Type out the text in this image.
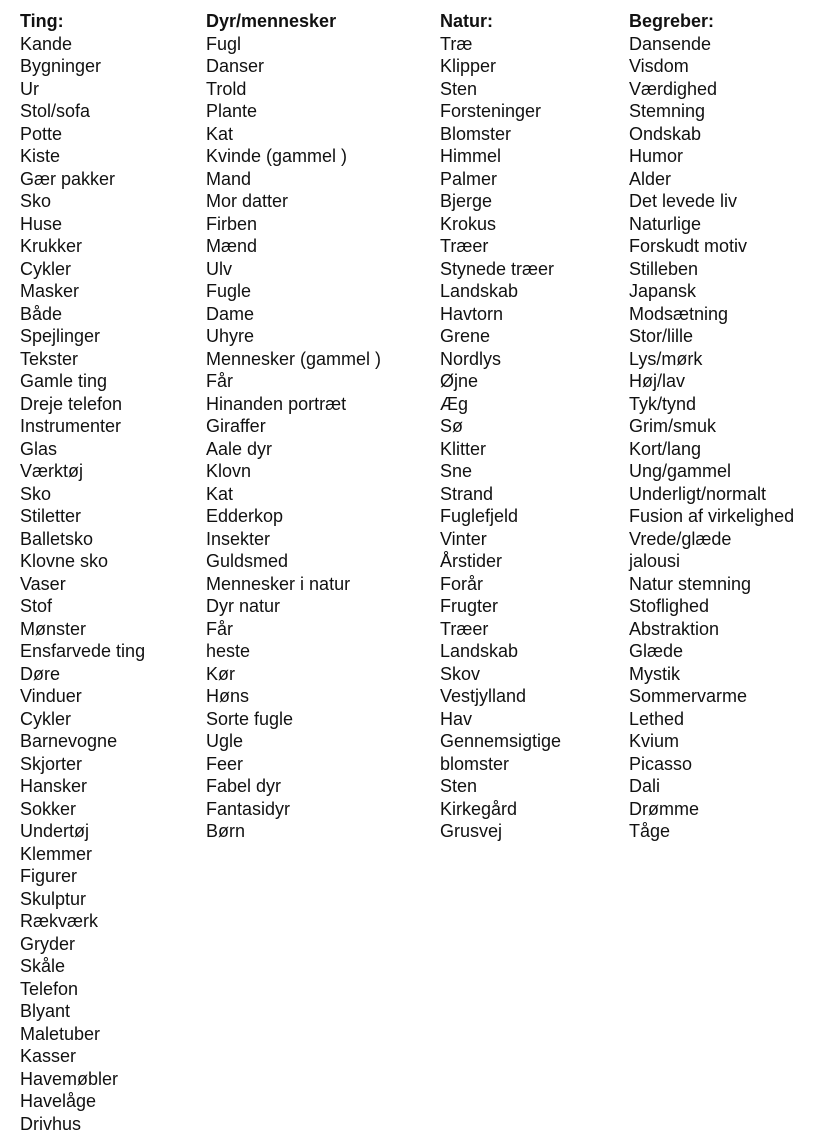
Ting:
Kande
Bygninger
Ur
Stol/sofa
Potte
Kiste
Gær pakker
Sko
Huse
Krukker
Cykler
Masker
Både
Spejlinger
Tekster
Gamle ting
Dreje telefon
Instrumenter
Glas
Værktøj
Sko
Stiletter
Balletsko
Klovne sko
Vaser
Stof
Mønster
Ensfarvede ting
Døre
Vinduer
Cykler
Barnevogne
Skjorter
Hansker
Sokker
Undertøj
Klemmer
Figurer
Skulptur
Rækværk
Gryder
Skåle
Telefon
Blyant
Maletuber
Kasser
Havemøbler
Havelåge
Drivhus
Dyr/mennesker
Fugl
Danser
Trold
Plante
Kat
Kvinde (gammel )
Mand
Mor datter
Firben
Mænd
Ulv
Fugle
Dame
Uhyre
Mennesker (gammel )
Får
Hinanden portræt
Giraffer
Aale dyr
Klovn
Kat
Edderkop
Insekter
Guldsmed
Mennesker i natur
Dyr natur
Får
heste
Kør
Høns
Sorte fugle
Ugle
Feer
Fabel dyr
Fantasidyr
Børn
Natur:
Træ
Klipper
Sten
Forsteninger
Blomster
Himmel
Palmer
Bjerge
Krokus
Træer
Stynede træer
Landskab
Havtorn
Grene
Nordlys
Øjne
Æg
Sø
Klitter
Sne
Strand
Fuglefjeld
Vinter
Årstider
Forår
Frugter
Træer
Landskab
Skov
Vestjylland
Hav
Gennemsigtige
blomster
Sten
Kirkegård
Grusvej
Begreber:
Dansende
Visdom
Værdighed
Stemning
Ondskab
Humor
Alder
Det levede liv
Naturlige
Forskudt motiv
Stilleben
Japansk
Modsætning
Stor/lille
Lys/mørk
Høj/lav
Tyk/tynd
Grim/smuk
Kort/lang
Ung/gammel
Underligt/normalt
Fusion af virkelighed
Vrede/glæde
jalousi
Natur stemning
Stoflighed
Abstraktion
Glæde
Mystik
Sommervarme
Lethed
Kvium
Picasso
Dali
Drømme
Tåge
